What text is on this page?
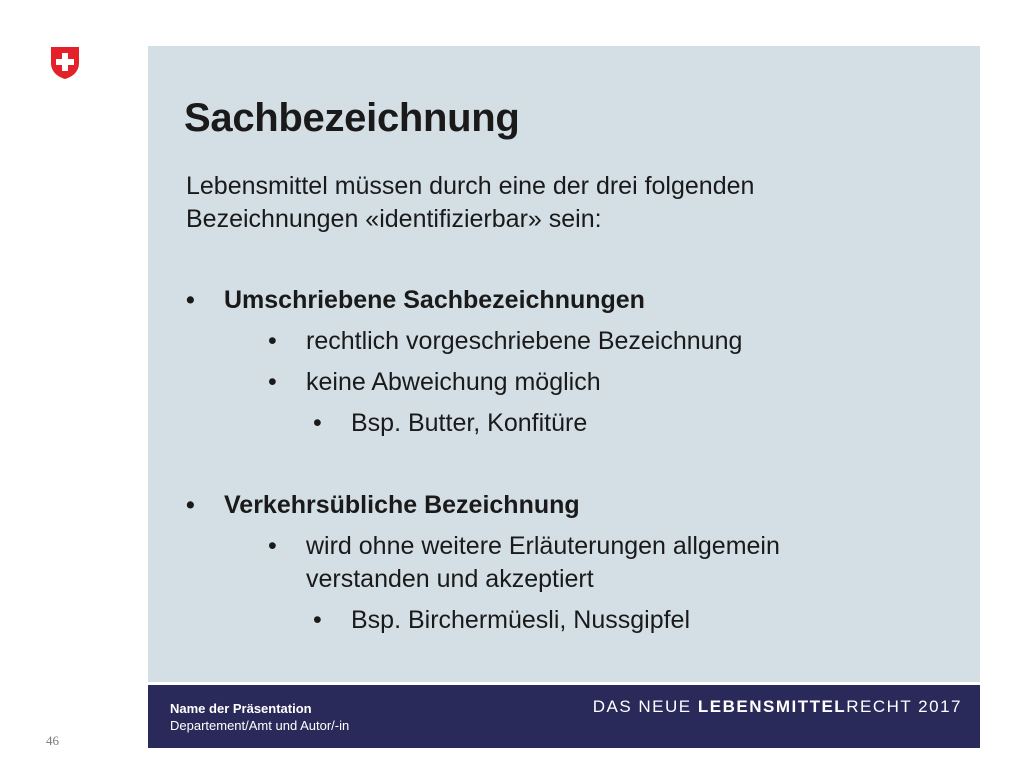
Sachbezeichnung

Lebensmittel müssen durch eine der drei folgenden Bezeichnungen «identifizierbar» sein:

• Umschriebene Sachbezeichnungen
• rechtlich vorgeschriebene Bezeichnung
• keine Abweichung möglich
• Bsp. Butter, Konfitüre
• Verkehrsübliche Bezeichnung
• wird ohne weitere Erläuterungen allgemein
verstanden und akzeptiert
• Bsp. Birchermüesli, Nussgipfel
Name der Präsentation
Departement/Amt und Autor/-in
DAS NEUE LEBENSMITTELRECHT 2017
46
